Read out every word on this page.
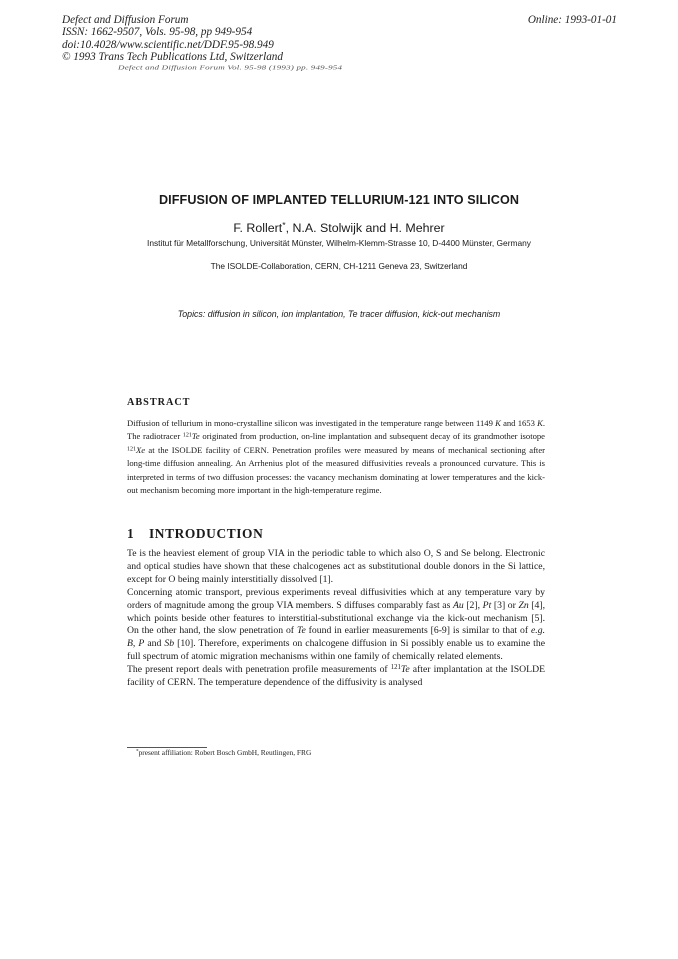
Defect and Diffusion Forum
ISSN: 1662-9507, Vols. 95-98, pp 949-954
doi:10.4028/www.scientific.net/DDF.95-98.949
© 1993 Trans Tech Publications Ltd, Switzerland
Online: 1993-01-01
Defect and Diffusion Forum Vol. 95-98 (1993) pp. 949-954
DIFFUSION OF IMPLANTED TELLURIUM-121 INTO SILICON
F. Rollert*, N.A. Stolwijk and H. Mehrer
Institut für Metallforschung, Universität Münster, Wilhelm-Klemm-Strasse 10, D-4400 Münster, Germany
The ISOLDE-Collaboration, CERN, CH-1211 Geneva 23, Switzerland
Topics: diffusion in silicon, ion implantation, Te tracer diffusion, kick-out mechanism
ABSTRACT
Diffusion of tellurium in mono-crystalline silicon was investigated in the temperature range between 1149 K and 1653 K. The radiotracer $^{121}$Te originated from production, on-line implantation and subsequent decay of its grandmother isotope $^{121}$Xe at the ISOLDE facility of CERN. Penetration profiles were measured by means of mechanical sectioning after long-time diffusion annealing. An Arrhenius plot of the measured diffusivities reveals a pronounced curvature. This is interpreted in terms of two diffusion processes: the vacancy mechanism dominating at lower temperatures and the kick-out mechanism becoming more important in the high-temperature regime.
1 INTRODUCTION

Te is the heaviest element of group VIA in the periodic table to which also O, S and Se belong. Electronic and optical studies have shown that these chalcogenes act as substitutional double donors in the Si lattice, except for O being mainly interstitially dissolved [1].

Concerning atomic transport, previous experiments reveal diffusivities which at any temperature vary by orders of magnitude among the group VIA members. S diffuses comparably fast as Au [2], Pt [3] or Zn [4], which points beside other features to interstitial-substitutional exchange via the kick-out mechanism [5]. On the other hand, the slow penetration of Te found in earlier measurements [6-9] is similar to that of e.g. B, P and Sb [10]. Therefore, experiments on chalcogene diffusion in Si possibly enable us to examine the full spectrum of atomic migration mechanisms within one family of chemically related elements.

The present report deals with penetration profile measurements of $^{121}$Te after implantation at the ISOLDE facility of CERN. The temperature dependence of the diffusivity is analysed

*present affiliation: Robert Bosch GmbH, Reutlingen, FRG
